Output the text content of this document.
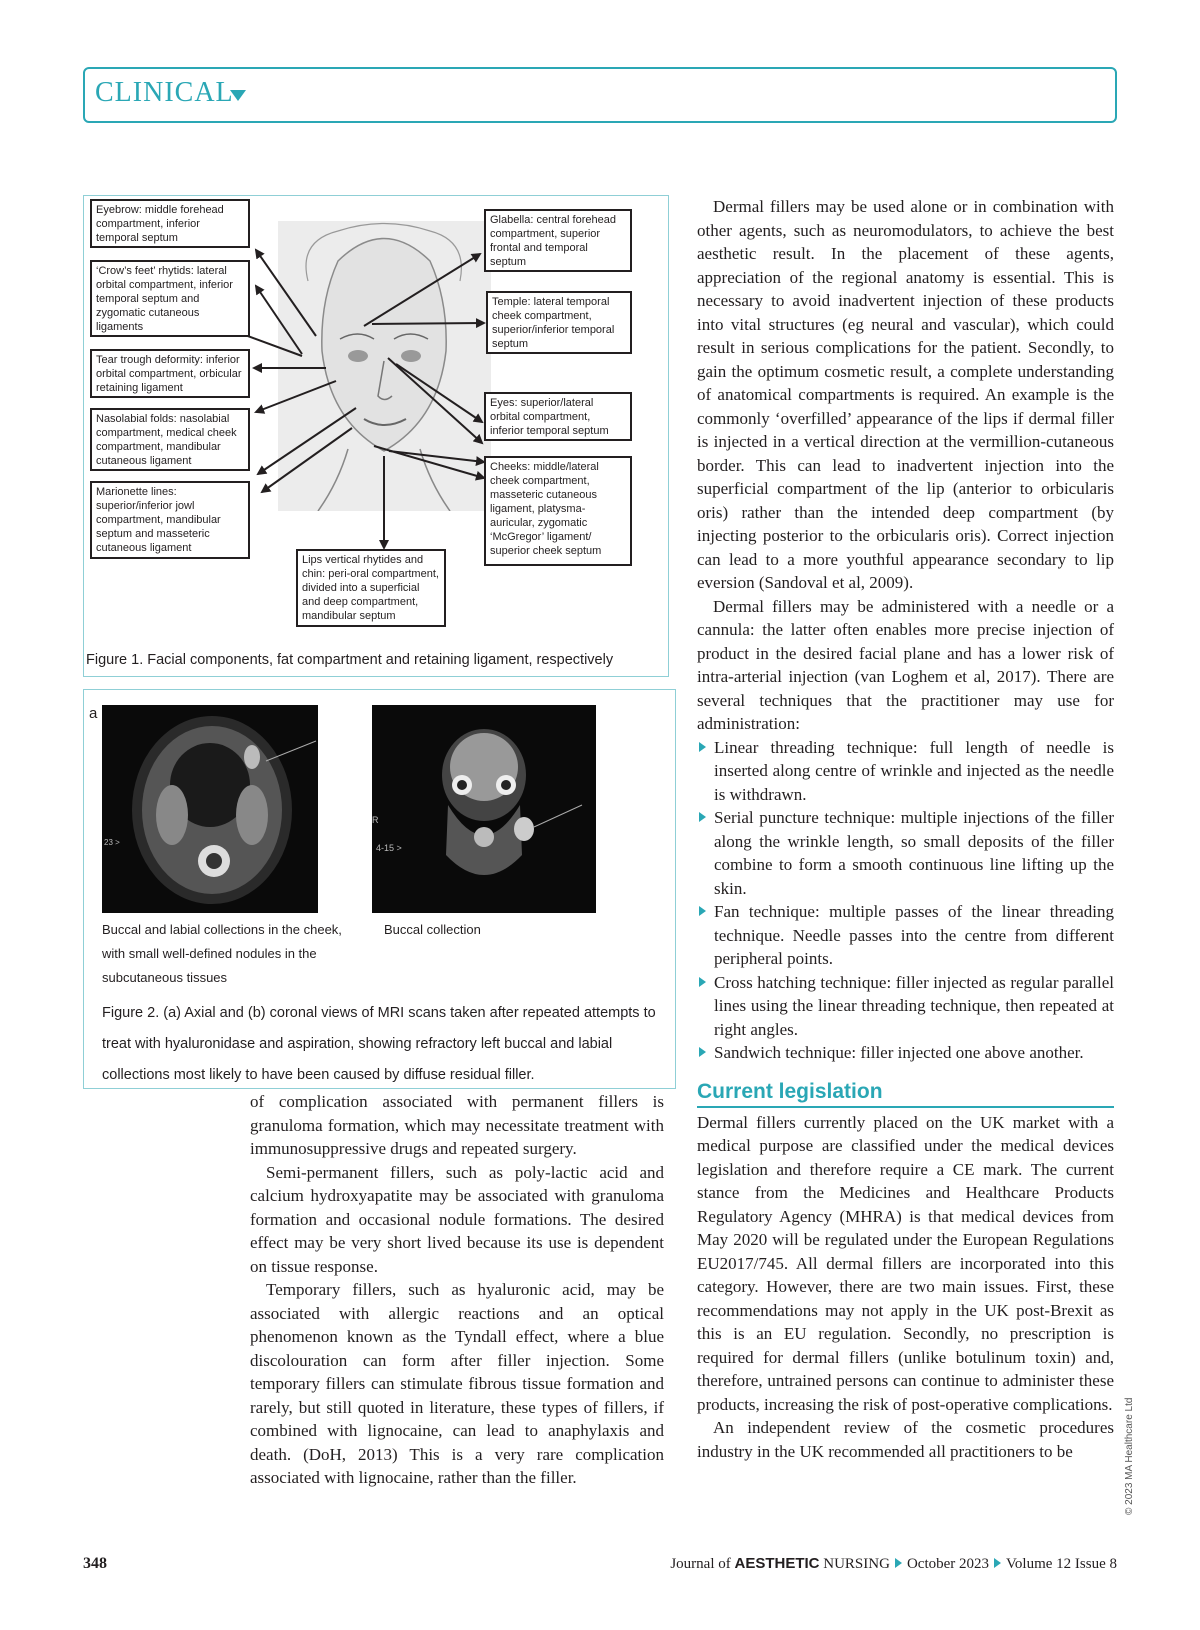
CLINICAL
Eyebrow: middle forehead compartment, inferior temporal septum
‘Crow’s feet’ rhytids: lateral orbital compartment, inferior temporal septum and zygomatic cutaneous ligaments
Tear trough deformity: inferior orbital compartment, orbicular retaining ligament
Nasolabial folds: nasolabial compartment, medical cheek compartment, mandibular cutaneous ligament
Marionette lines: superior/inferior jowl compartment, mandibular septum and masseteric cutaneous ligament
Lips vertical rhytides and chin: peri-oral compartment, divided into a superficial and deep compartment, mandibular septum
Glabella: central forehead compartment, superior frontal and temporal septum
Temple: lateral temporal cheek compartment, superior/inferior temporal septum
Eyes: superior/lateral orbital compartment, inferior temporal septum
Cheeks: middle/lateral cheek compartment, masseteric cutaneous ligament, platysma-auricular, zygomatic ‘McGregor’ ligament/ superior cheek septum
Figure 1. Facial components, fat compartment and retaining ligament, respectively
a
23 >
R
4-15 >
Buccal and labial collections in the cheek, with small well-defined nodules in the subcutaneous tissues
Buccal collection
Figure 2. (a) Axial and (b) coronal views of MRI scans taken after repeated attempts to treat with hyaluronidase and aspiration, showing refractory left buccal and labial collections most likely to have been caused by diffuse residual filler.

of complication associated with permanent fillers is granuloma formation, which may necessitate treatment with immunosuppressive drugs and repeated surgery.

Semi-permanent fillers, such as poly-lactic acid and calcium hydroxyapatite may be associated with granuloma formation and occasional nodule formations. The desired effect may be very short lived because its use is dependent on tissue response.

Temporary fillers, such as hyaluronic acid, may be associated with allergic reactions and an optical phenomenon known as the Tyndall effect, where a blue discolouration can form after filler injection. Some temporary fillers can stimulate fibrous tissue formation and rarely, but still quoted in literature, these types of fillers, if combined with lignocaine, can lead to anaphylaxis and death. (DoH, 2013) This is a very rare complication associated with lignocaine, rather than the filler.

Dermal fillers may be used alone or in combination with other agents, such as neuromodulators, to achieve the best aesthetic result. In the placement of these agents, appreciation of the regional anatomy is essential. This is necessary to avoid inadvertent injection of these products into vital structures (eg neural and vascular), which could result in serious complications for the patient. Secondly, to gain the optimum cosmetic result, a complete understanding of anatomical compartments is required. An example is the commonly ‘overfilled’ appearance of the lips if dermal filler is injected in a vertical direction at the vermillion-cutaneous border. This can lead to inadvertent injection into the superficial compartment of the lip (anterior to orbicularis oris) rather than the intended deep compartment (by injecting posterior to the orbicularis oris). Correct injection can lead to a more youthful appearance secondary to lip eversion (Sandoval et al, 2009).

Dermal fillers may be administered with a needle or a cannula: the latter often enables more precise injection of product in the desired facial plane and has a lower risk of intra-arterial injection (van Loghem et al, 2017). There are several techniques that the practitioner may use for administration:

Linear threading technique: full length of needle is inserted along centre of wrinkle and injected as the needle is withdrawn.
Serial puncture technique: multiple injections of the filler along the wrinkle length, so small deposits of the filler combine to form a smooth continuous line lifting up the skin.
Fan technique: multiple passes of the linear threading technique. Needle passes into the centre from different peripheral points.
Cross hatching technique: filler injected as regular parallel lines using the linear threading technique, then repeated at right angles.
Sandwich technique: filler injected one above another.
Current legislation

Dermal fillers currently placed on the UK market with a medical purpose are classified under the medical devices legislation and therefore require a CE mark. The current stance from the Medicines and Healthcare Products Regulatory Agency (MHRA) is that medical devices from May 2020 will be regulated under the European Regulations EU2017/745. All dermal fillers are incorporated into this category. However, there are two main issues. First, these recommendations may not apply in the UK post-Brexit as this is an EU regulation. Secondly, no prescription is required for dermal fillers (unlike botulinum toxin) and, therefore, untrained persons can continue to administer these products, increasing the risk of post-operative complications.

An independent review of the cosmetic procedures industry in the UK recommended all practitioners to be	© 2023 MA Healthcare Ltd
348	Journal of AESTHETIC NURSING October 2023 Volume 12 Issue 8
